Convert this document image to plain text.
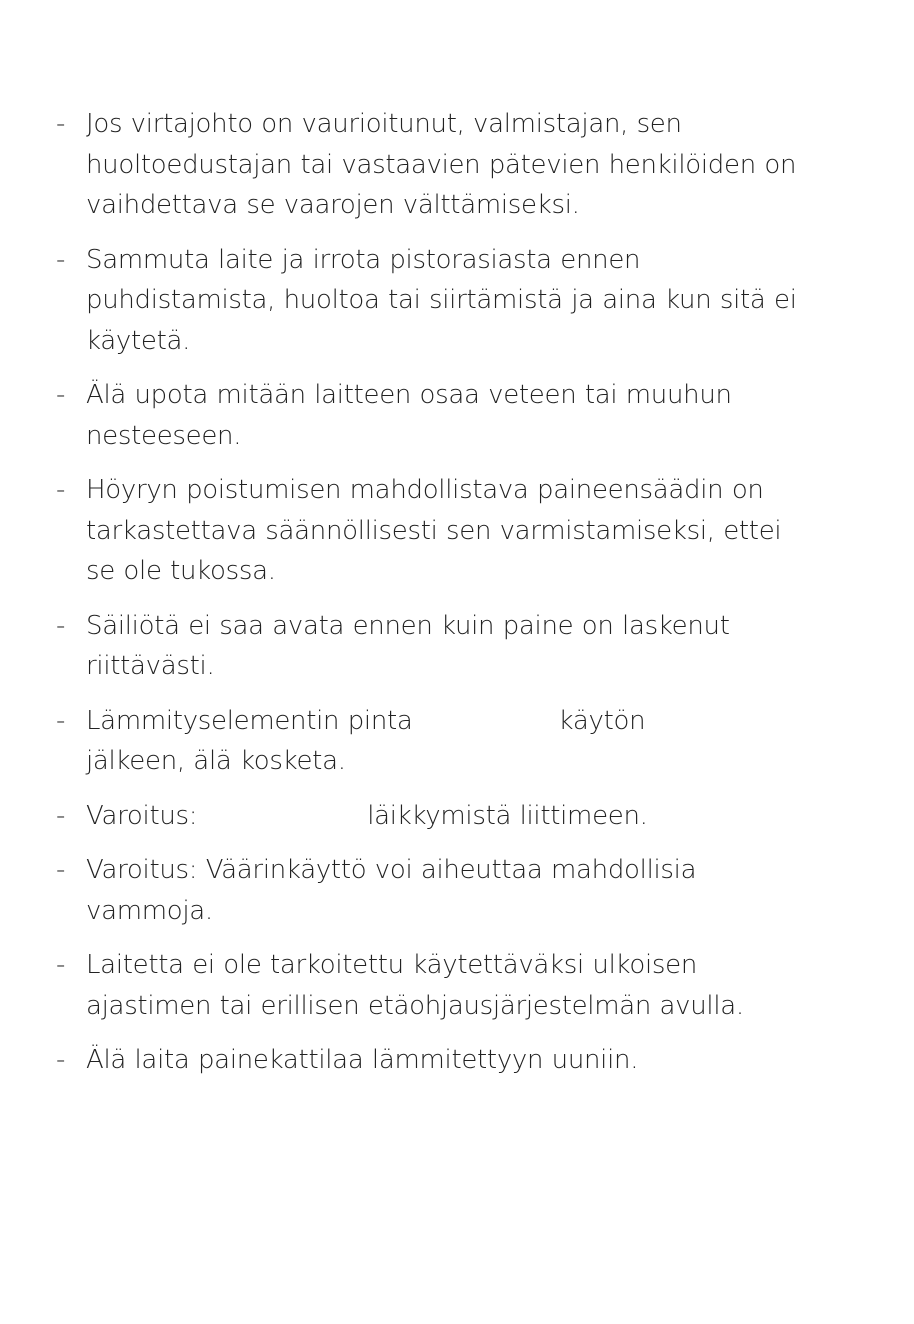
- Jos virtajohto on vaurioitunut, valmistajan, sen
huoltoedustajan tai vastaavien pätevien henkilöiden on
vaihdettava se vaarojen välttämiseksi.
- Sammuta laite ja irrota pistorasiasta ennen
puhdistamista, huoltoa tai siirtämistä ja aina kun sitä ei
käytetä.
- Älä upota mitään laitteen osaa veteen tai muuhun
nesteeseen.
- Höyryn poistumisen mahdollistava paineensäädin on
tarkastettava säännöllisesti sen varmistamiseksi, ettei
se ole tukossa.
- Säiliötä ei saa avata ennen kuin paine on laskenut
riittävästi.
- Lämmityselementin pinta	käytön
jälkeen, älä kosketa.
- Varoitus:	läikkymistä liittimeen.
- Varoitus: Väärinkäyttö voi aiheuttaa mahdollisia
vammoja.
- Laitetta ei ole tarkoitettu käytettäväksi ulkoisen
ajastimen tai erillisen etäohjausjärjestelmän avulla.
- Älä laita painekattilaa lämmitettyyn uuniin.
